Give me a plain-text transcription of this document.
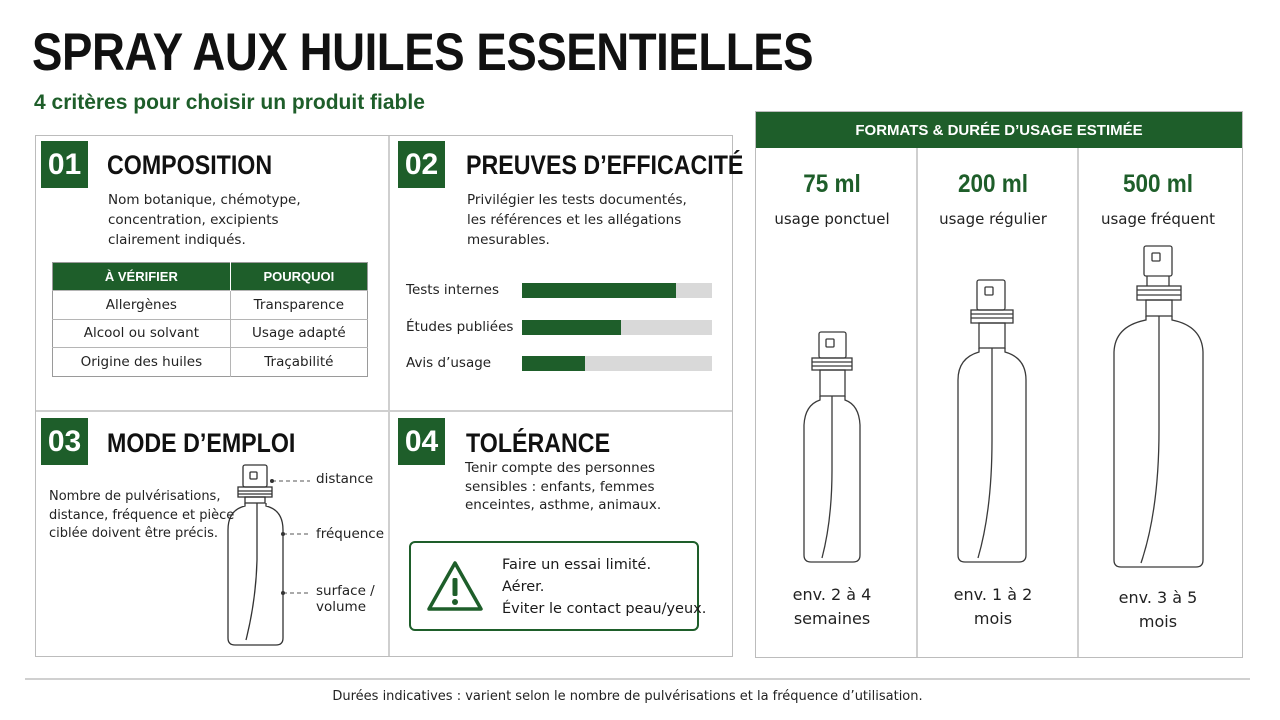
SPRAY AUX HUILES ESSENTIELLES
4 critères pour choisir un produit fiable
01 COMPOSITION
Nom botanique, chémotype,
concentration, excipients
clairement indiqués.
À VÉRIFIER	POURQUOI
Allergènes	Transparence
Alcool ou solvant	Usage adapté
Origine des huiles	Traçabilité
02 PREUVES D’EFFICACITÉ
Privilégier les tests documentés,
les références et les allégations
mesurables.
Tests internes
Études publiées
Avis d’usage
03 MODE D’EMPLOI
Nombre de pulvérisations,
distance, fréquence et pièce
ciblée doivent être précis.
distance
fréquence
surface /
volume
04 TOLÉRANCE
Tenir compte des personnes
sensibles : enfants, femmes
enceintes, asthme, animaux.
Faire un essai limité.
Aérer.
Éviter le contact peau/yeux.
FORMATS & DURÉE D’USAGE ESTIMÉE
75 ml
usage ponctuel
env. 2 à 4
semaines
200 ml
usage régulier
env. 1 à 2
mois
500 ml
usage fréquent
env. 3 à 5
mois
Durées indicatives : varient selon le nombre de pulvérisations et la fréquence d’utilisation.
